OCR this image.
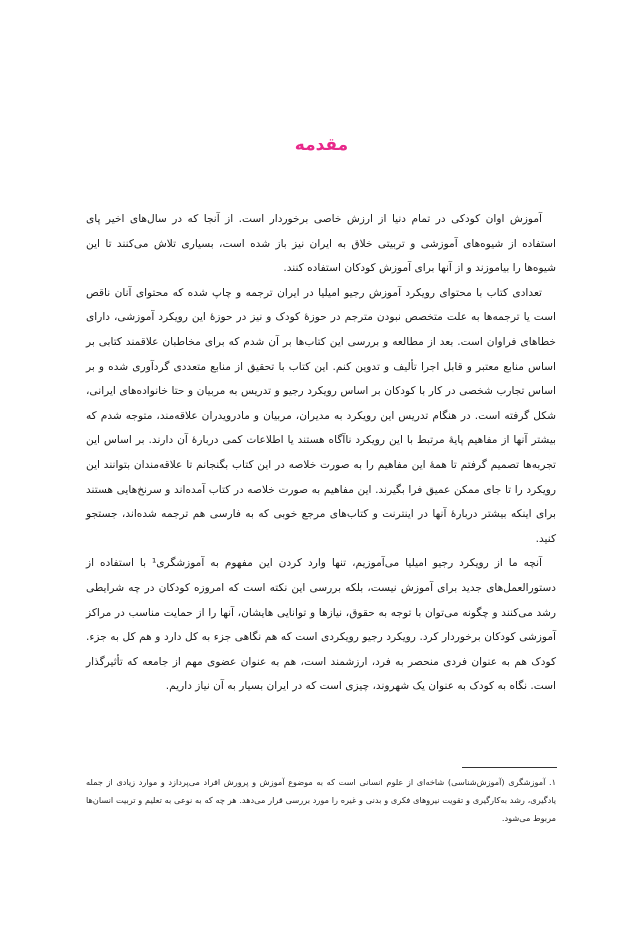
مقدمه

آموزش اوان کودکی در تمام دنیا از ارزش خاصی برخوردار است. از آنجا که در سال‌های اخیر پای استفاده از شیوه‌های آموزشی و تربیتی خلاق به ایران نیز باز شده است، بسیاری تلاش می‌کنند تا این شیوه‌ها را بیاموزند و از آنها برای آموزش کودکان استفاده کنند.

تعدادی کتاب با محتوای رویکرد آموزش رجیو امیلیا در ایران ترجمه و چاپ شده که محتوای آنان ناقص است یا ترجمه‌ها به علت متخصص نبودن مترجم در حوزهٔ کودک و نیز در حوزهٔ این رویکرد آموزشی، دارای خطاهای فراوان است. بعد از مطالعه و بررسی این کتاب‌ها بر آن شدم که برای مخاطبان علاقمند کتابی بر اساس منابع معتبر و قابل اجرا تألیف و تدوین کنم. این کتاب با تحقیق از منابع متعددی گردآوری شده و بر اساس تجارب شخصی در کار با کودکان بر اساس رویکرد رجیو و تدریس به مربیان و حتا خانواده‌های ایرانی، شکل گرفته است. در هنگام تدریس این رویکرد به مدیران، مربیان و مادرویدران علاقه‌مند، متوجه شدم که بیشتر آنها از مفاهیم پایهٔ مرتبط با این رویکرد ناآگاه هستند یا اطلاعات کمی دربارهٔ آن دارند. بر اساس این تجربه‌ها تصمیم گرفتم تا همهٔ این مفاهیم را به صورت خلاصه در این کتاب بگنجانم تا علاقه‌مندان بتوانند این رویکرد را تا جای ممکن عمیق فرا بگیرند. این مفاهیم به صورت خلاصه در کتاب آمده‌اند و سرنخ‌هایی هستند برای اینکه بیشتر دربارهٔ آنها در اینترنت و کتاب‌های مرجع خوبی که به فارسی هم ترجمه شده‌اند، جستجو کنید.

آنچه ما از رویکرد رجیو امیلیا می‌آموزیم، تنها وارد کردن این مفهوم به آموزشگری¹ با استفاده از دستورالعمل‌های جدید برای آموزش نیست، بلکه بررسی این نکته است که امروزه کودکان در چه شرایطی رشد می‌کنند و چگونه می‌توان با توجه به حقوق، نیازها و توانایی هایشان، آنها را از حمایت مناسب در مراکز آموزشی کودکان برخوردار کرد. رویکرد رجیو رویکردی است که هم نگاهی جزء به کل دارد و هم کل به جزء. کودک هم به عنوان فردی منحصر به فرد، ارزشمند است، هم به عنوان عضوی مهم از جامعه که تأثیرگذار است. نگاه به کودک به عنوان یک شهروند، چیزی است که در ایران بسیار به آن نیاز داریم.

۱. آموزشگری (آموزش‌شناسی) شاخه‌ای از علوم انسانی است که به موضوع آموزش و پرورش افراد می‌پردازد و موارد زیادی از جمله یادگیری، رشد به‌کارگیری و تقویت نیروهای فکری و بدنی و غیره را مورد بررسی قرار می‌دهد. هر چه که به نوعی به تعلیم و تربیت انسان‌ها مربوط می‌شود.
